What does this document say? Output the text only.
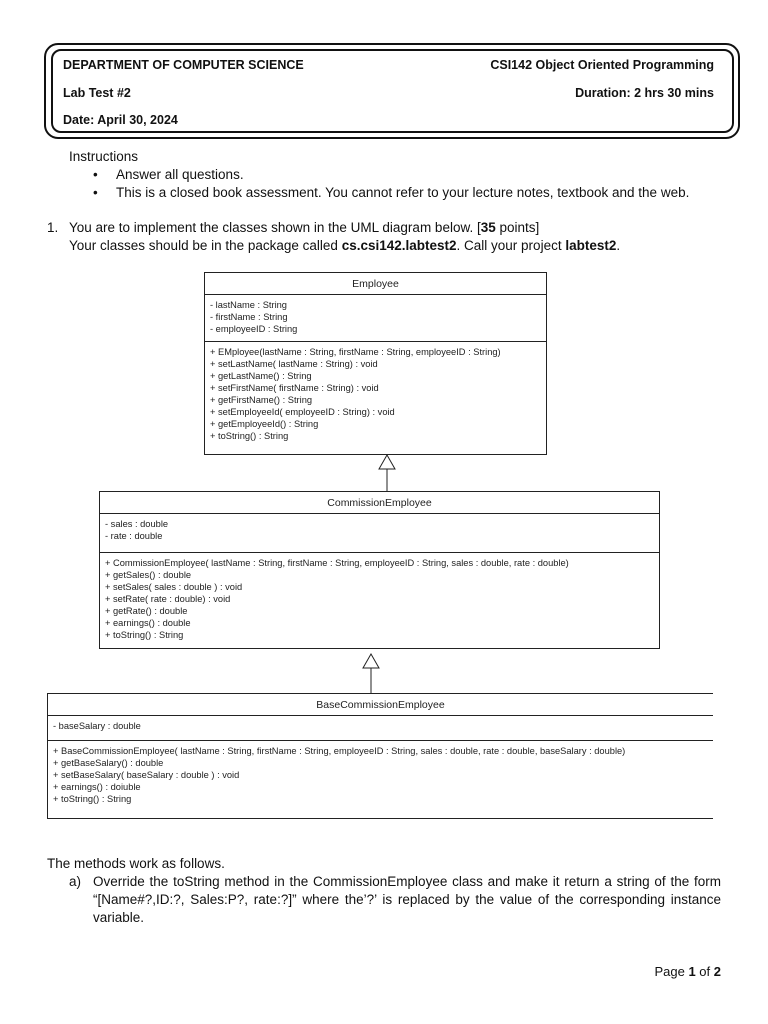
DEPARTMENT OF COMPUTER SCIENCE	CSI142 Object Oriented Programming
Lab Test #2	Duration: 2 hrs 30 mins
Date: April 30, 2024
Instructions
• Answer all questions.
• This is a closed book assessment. You cannot refer to your lecture notes, textbook and the web.
1. You are to implement the classes shown in the UML diagram below. [35 points]
Your classes should be in the package called cs.csi142.labtest2. Call your project labtest2.
Employee
- lastName : String
- firstName : String
- employeeID : String
+ EMployee(lastName : String, firstName : String, employeeID : String)
+ setLastName( lastName : String) : void
+ getLastName() : String
+ setFirstName( firstName : String) : void
+ getFirstName() : String
+ setEmployeeId( employeeID : String) : void
+ getEmployeeId() : String
+ toString() : String
CommissionEmployee
- sales : double
- rate : double
+ CommissionEmployee( lastName : String, firstName : String, employeeID : String, sales : double, rate : double)
+ getSales() : double
+ setSales( sales : double ) : void
+ setRate( rate : double) : void
+ getRate() : double
+ earnings() : double
+ toString() : String
BaseCommissionEmployee
- baseSalary : double
+ BaseCommissionEmployee( lastName : String, firstName : String, employeeID : String, sales : double, rate : double, baseSalary : double)
+ getBaseSalary() : double
+ setBaseSalary( baseSalary : double ) : void
+ earnings() : doiuble
+ toString() : String
The methods work as follows.
a) Override the toString method in the CommissionEmployee class and make it return a string of the form “[Name#?,ID:?, Sales:P?, rate:?]” where the’?’ is replaced by the value of the corresponding instance variable.
Page 1 of 2
